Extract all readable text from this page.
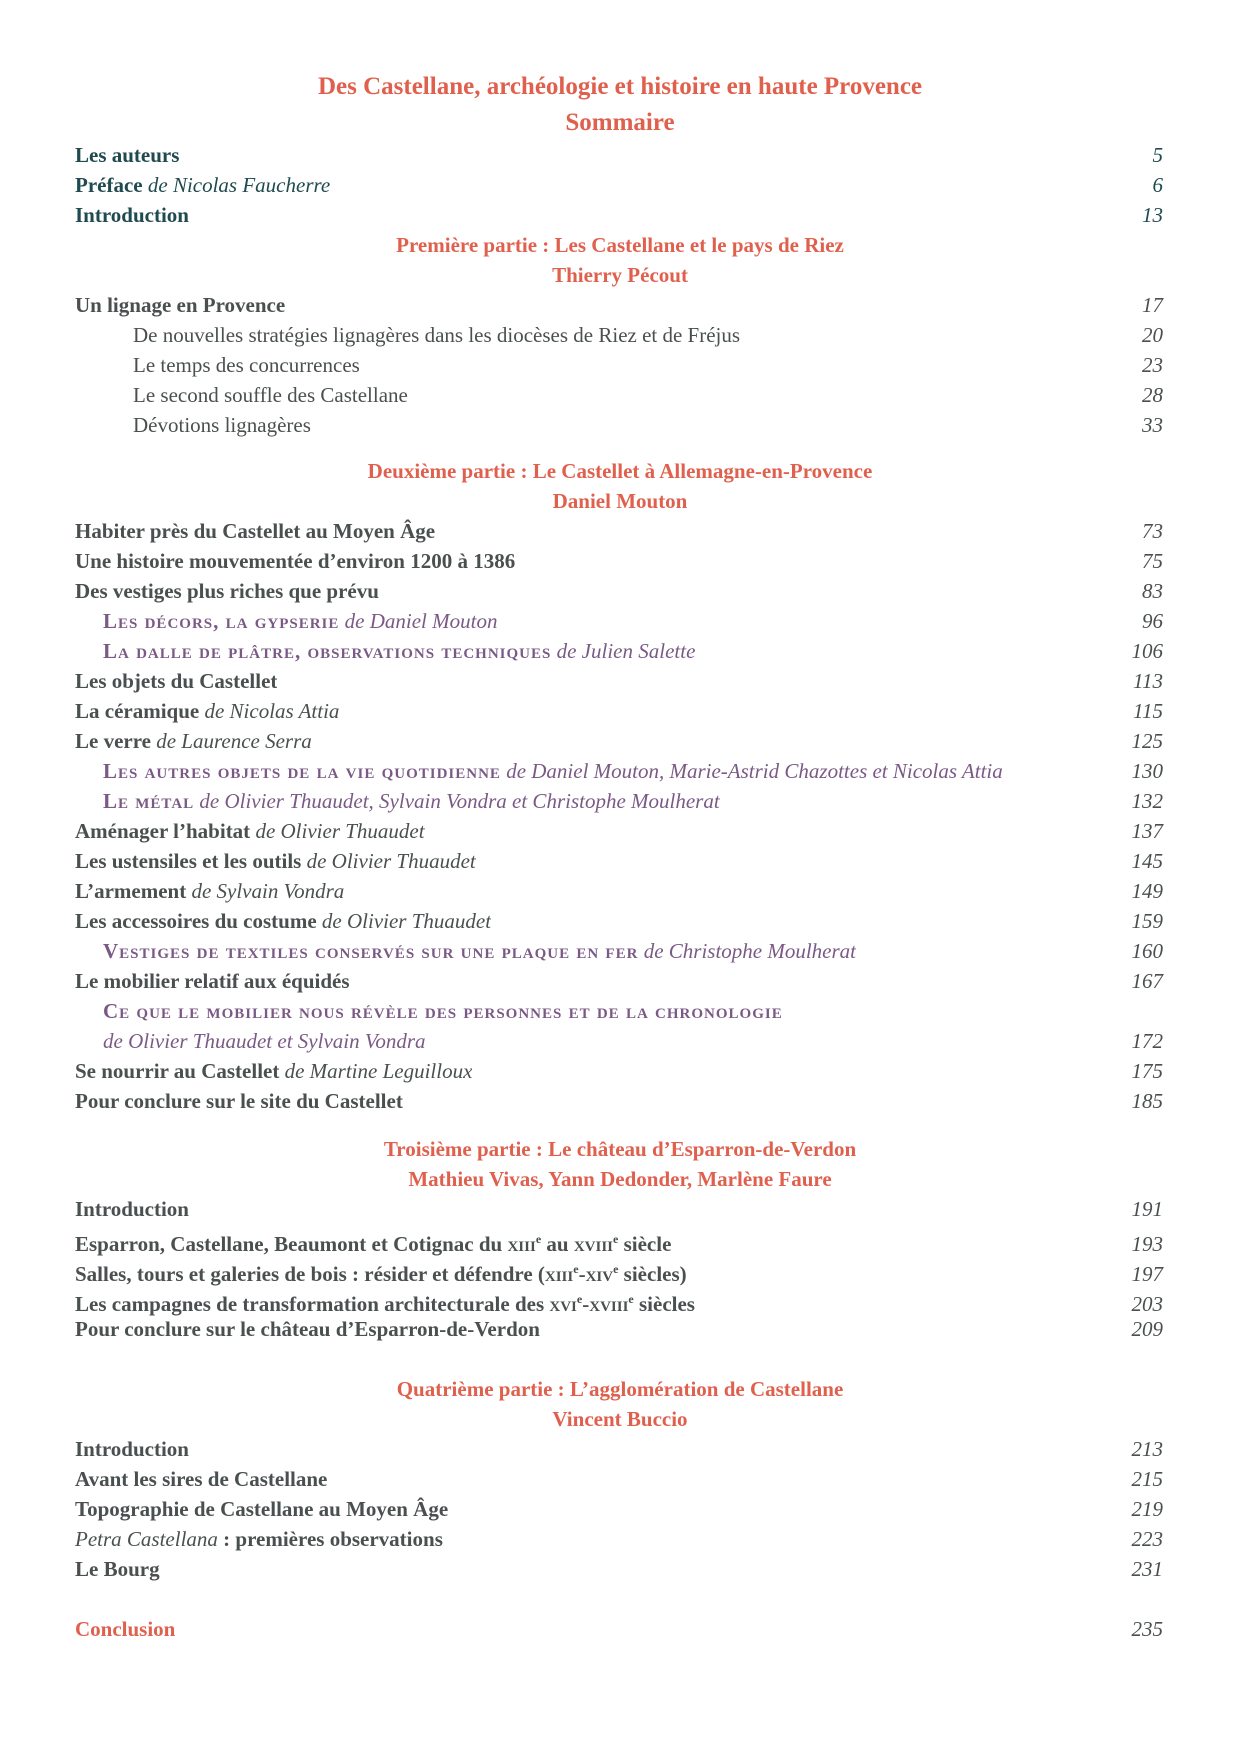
Des Castellane, archéologie et histoire en haute Provence
Sommaire
Les auteurs	5
Préface de Nicolas Faucherre	6
Introduction	13
Première partie : Les Castellane et le pays de Riez
Thierry Pécout
Un lignage en Provence	17
De nouvelles stratégies lignagères dans les diocèses de Riez et de Fréjus	20
Le temps des concurrences	23
Le second souffle des Castellane	28
Dévotions lignagères	33
Deuxième partie : Le Castellet à Allemagne-en-Provence
Daniel Mouton
Habiter près du Castellet au Moyen Âge	73
Une histoire mouvementée d’environ 1200 à 1386	75
Des vestiges plus riches que prévu	83
Les décors, la gypserie de Daniel Mouton	96
La dalle de plâtre, observations techniques de Julien Salette	106
Les objets du Castellet	113
La céramique de Nicolas Attia	115
Le verre de Laurence Serra	125
Les autres objets de la vie quotidienne de Daniel Mouton, Marie-Astrid Chazottes et Nicolas Attia	130
Le métal de Olivier Thuaudet, Sylvain Vondra et Christophe Moulherat	132
Aménager l’habitat de Olivier Thuaudet	137
Les ustensiles et les outils de Olivier Thuaudet	145
L’armement de Sylvain Vondra	149
Les accessoires du costume de Olivier Thuaudet	159
Vestiges de textiles conservés sur une plaque en fer de Christophe Moulherat	160
Le mobilier relatif aux équidés	167
Ce que le mobilier nous révèle des personnes et de la chronologie
de Olivier Thuaudet et Sylvain Vondra	172
Se nourrir au Castellet de Martine Leguilloux	175
Pour conclure sur le site du Castellet	185
Troisième partie : Le château d’Esparron-de-Verdon
Mathieu Vivas, Yann Dedonder, Marlène Faure
Introduction	191
Esparron, Castellane, Beaumont et Cotignac du xiii$^e$ au xviii$^e$ siècle	193
Salles, tours et galeries de bois : résider et défendre (xiii$^e$-xiv$^e$ siècles)	197
Les campagnes de transformation architecturale des xvi$^e$-xviii$^e$ siècles	203
Pour conclure sur le château d’Esparron-de-Verdon	209
Quatrième partie : L’agglomération de Castellane
Vincent Buccio
Introduction	213
Avant les sires de Castellane	215
Topographie de Castellane au Moyen Âge	219
Petra Castellana : premières observations	223
Le Bourg	231
Conclusion	235
